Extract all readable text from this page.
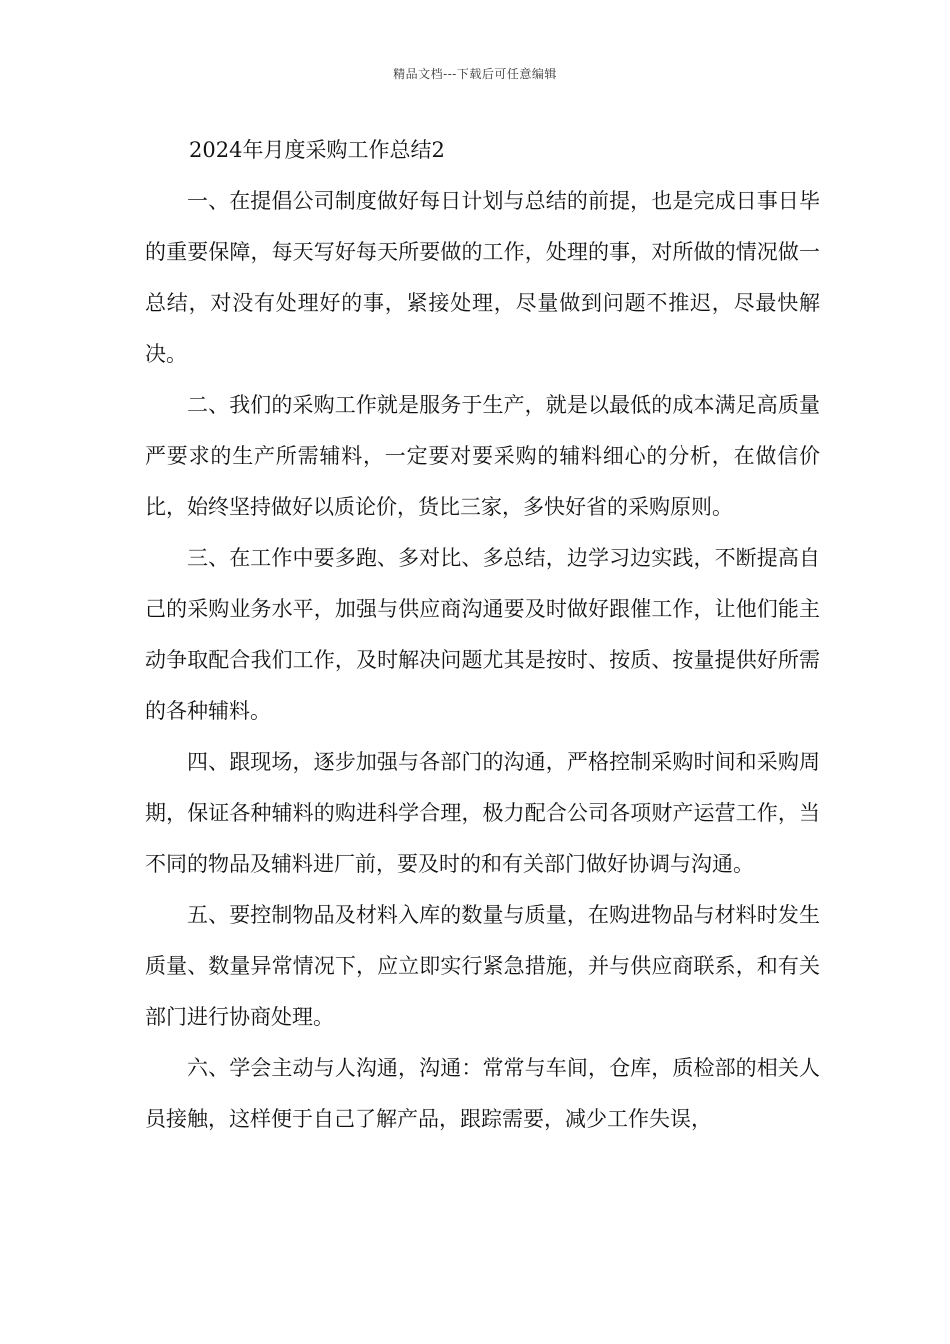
精品文档---下载后可任意编辑
2024年月度采购工作总结2

一、在提倡公司制度做好每日计划与总结的前提，也是完成日事日毕的重要保障，每天写好每天所要做的工作，处理的事，对所做的情况做一总结，对没有处理好的事，紧接处理，尽量做到问题不推迟，尽最快解决。

二、我们的采购工作就是服务于生产，就是以最低的成本满足高质量严要求的生产所需辅料，一定要对要采购的辅料细心的分析，在做信价比，始终坚持做好以质论价，货比三家，多快好省的采购原则。

三、在工作中要多跑、多对比、多总结，边学习边实践，不断提高自己的采购业务水平，加强与供应商沟通要及时做好跟催工作，让他们能主动争取配合我们工作，及时解决问题尤其是按时、按质、按量提供好所需的各种辅料。

四、跟现场，逐步加强与各部门的沟通，严格控制采购时间和采购周期，保证各种辅料的购进科学合理，极力配合公司各项财产运营工作，当不同的物品及辅料进厂前，要及时的和有关部门做好协调与沟通。

五、要控制物品及材料入库的数量与质量，在购进物品与材料时发生质量、数量异常情况下，应立即实行紧急措施，并与供应商联系，和有关部门进行协商处理。

六、学会主动与人沟通，沟通：常常与车间，仓库，质检部的相关人员接触，这样便于自己了解产品，跟踪需要，减少工作失误，
